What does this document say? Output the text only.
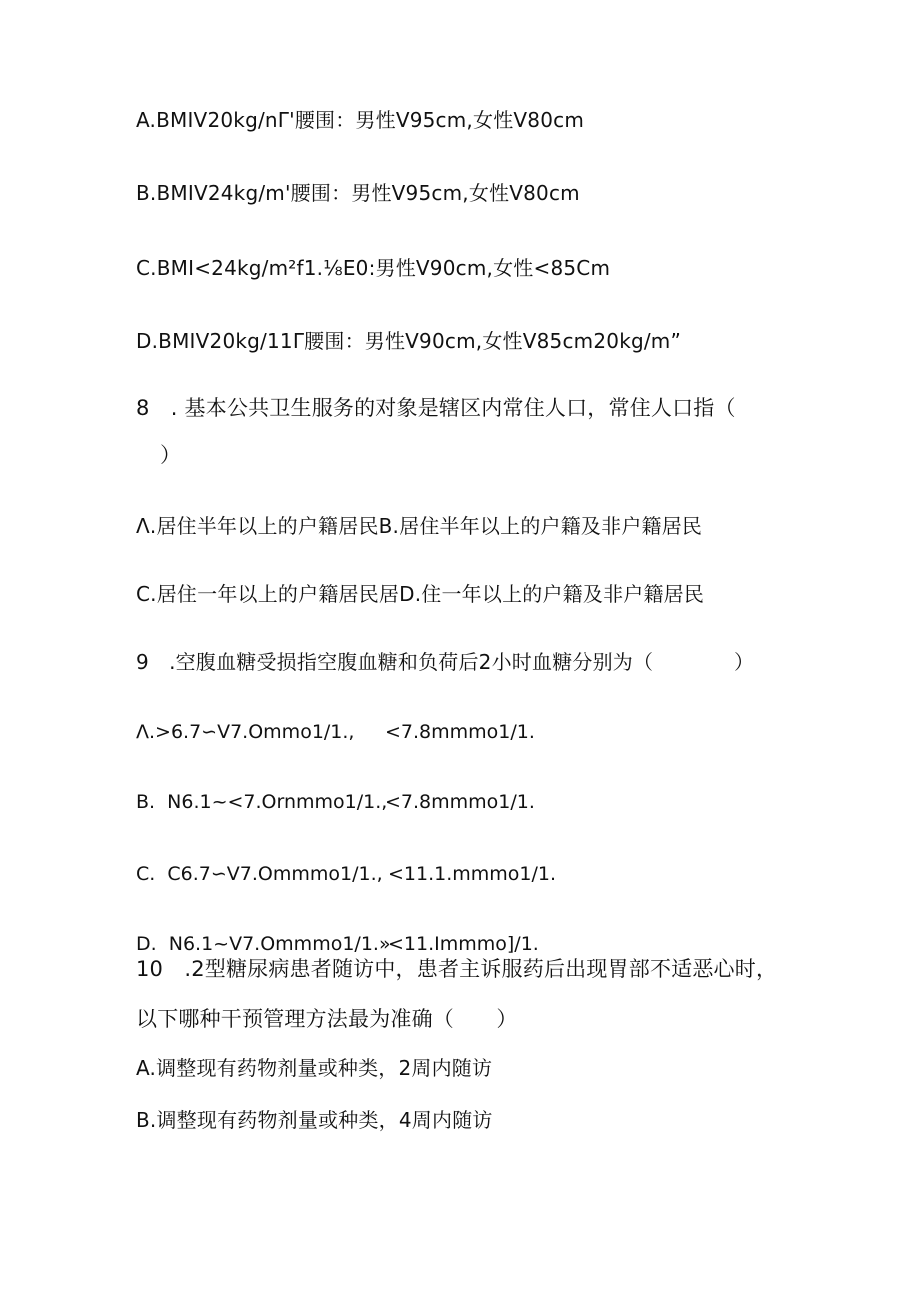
A.BMIV20kg/nΓ'腰围：男性V95cm,女性V80cm
B.BMIV24kg/m'腰围：男性V95cm,女性V80cm
C.BMI<24kg/m²f1.⅛E0:男性V90cm,女性<85Cm
D.BMIV20kg/11Γ腰围：男性V90cm,女性V85cm20kg/m”
8　. 基本公共卫生服务的对象是辖区内常住人口，常住人口指（
）
Λ.居住半年以上的户籍居民B.居住半年以上的户籍及非户籍居民
C.居住一年以上的户籍居民居D.住一年以上的户籍及非户籍居民
9　.空腹血糖受损指空腹血糖和负荷后2小时血糖分别为（　　　　）
Λ.>6.7∽V7.Ommo1/1., <7.8mmmo1/1.
B.  N6.1~<7.Ornmmo1/1.,
<7.8mmmo1/1.
C.  C6.7∽V7.Ommmo1/1., <11.1.mmmo1/1.
D.  N6.1~V7.Ommmo1/1.»
<11.Immmo]/1.
10　.2型糖尿病患者随访中，患者主诉服药后出现胃部不适恶心时，
以下哪种干预管理方法最为准确（　　）
A.调整现有药物剂量或种类，2周内随访
B.调整现有药物剂量或种类，4周内随访
